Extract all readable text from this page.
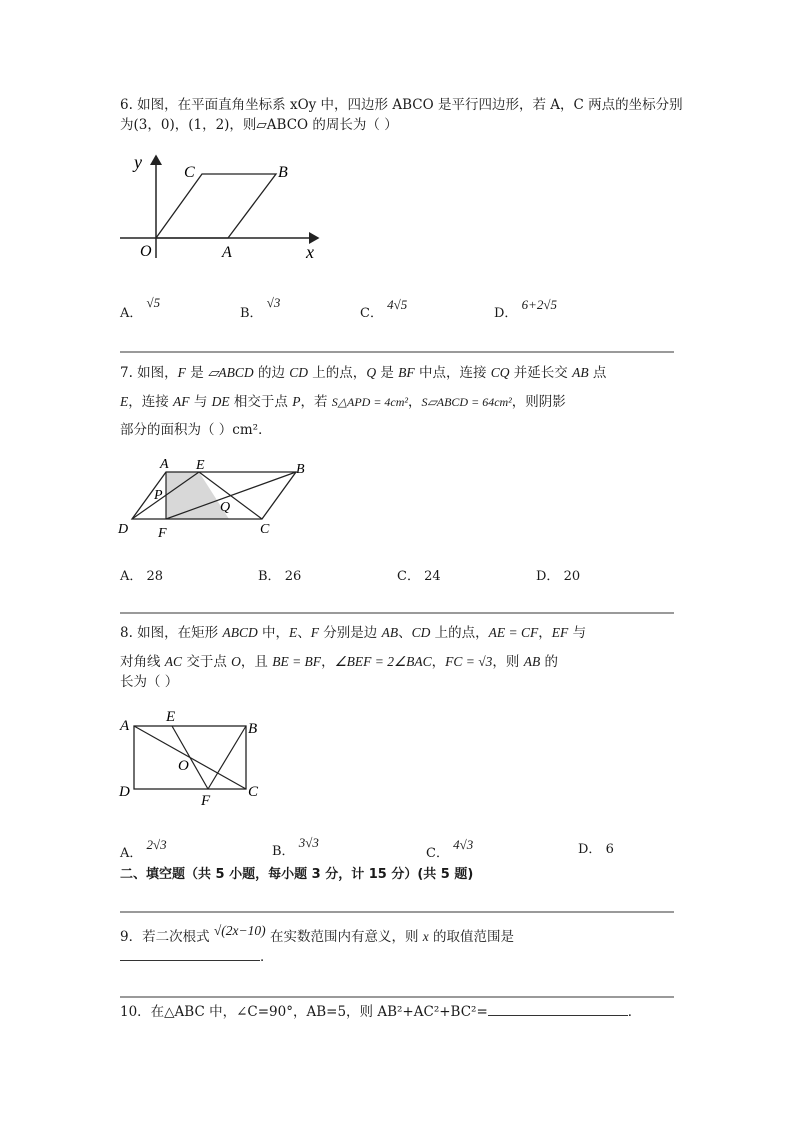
6. 如图，在平面直角坐标系 xOy 中，四边形 ABCO 是平行四边形，若 A，C 两点的坐标分别
为(3，0)，(1，2)，则▱ABCO 的周长为（ ）
y
x
O	A
B
C
A． √5
B． √3
C． 4√5
D． 6+2√5
7. 如图，F 是 ▱ABCD 的边 CD 上的点，Q 是 BF 中点，连接 CQ 并延长交 AB 点
E，连接 AF 与 DE 相交于点 P，若 S△APD = 4cm²，S▱ABCD = 64cm²，则阴影
部分的面积为（ ）cm²．
A E	B
P
Q
D F	C
A． 28	B． 26	C． 24	D． 20
8. 如图，在矩形 ABCD 中，E、F 分别是边 AB、CD 上的点，AE = CF，EF 与
对角线 AC 交于点 O，且 BE = BF，∠BEF = 2∠BAC，FC = √3，则 AB 的
长为（ ）
A
E
B
O
D
F
C
A． 2√3	B． 3√3
C． 4√3	D． 6
二、填空题（共 5 小题，每小题 3 分，计 15 分）(共 5 题)
9．若二次根式 √(2x−10) 在实数范围内有意义，则 x 的取值范围是
．
10．在△ABC 中，∠C=90°，AB=5，则 AB²+AC²+BC²=	．
